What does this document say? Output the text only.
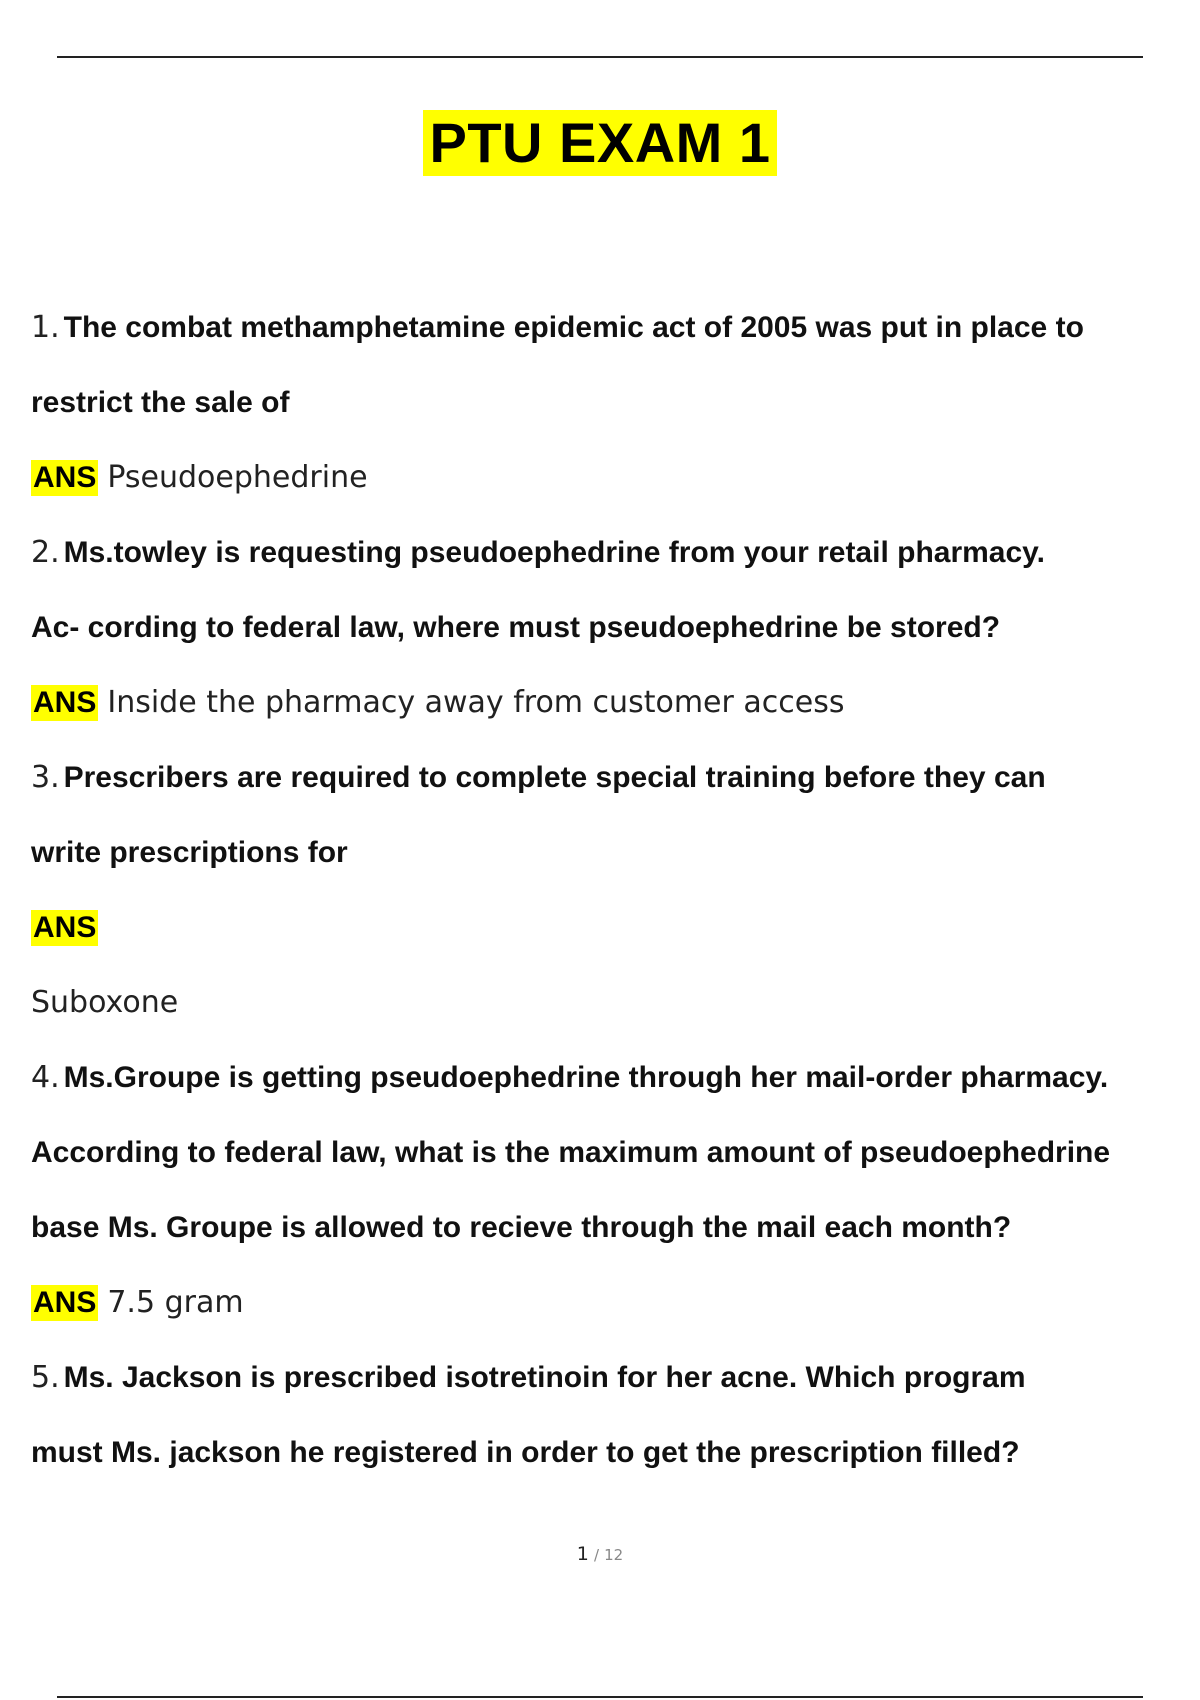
PTU EXAM 1
1. The combat methamphetamine epidemic act of 2005 was put in place to
restrict the sale of
ANS Pseudoephedrine
2. Ms.towley is requesting pseudoephedrine from your retail pharmacy.
Ac- cording to federal law, where must pseudoephedrine be stored?
ANS Inside the pharmacy away from customer access
3. Prescribers are required to complete special training before they can
write prescriptions for
ANS
Suboxone
4. Ms.Groupe is getting pseudoephedrine through her mail-order pharmacy.
According to federal law, what is the maximum amount of pseudoephedrine
base Ms. Groupe is allowed to recieve through the mail each month?
ANS 7.5 gram
5. Ms. Jackson is prescribed isotretinoin for her acne. Which program
must Ms. jackson he registered in order to get the prescription filled?
1 / 12
